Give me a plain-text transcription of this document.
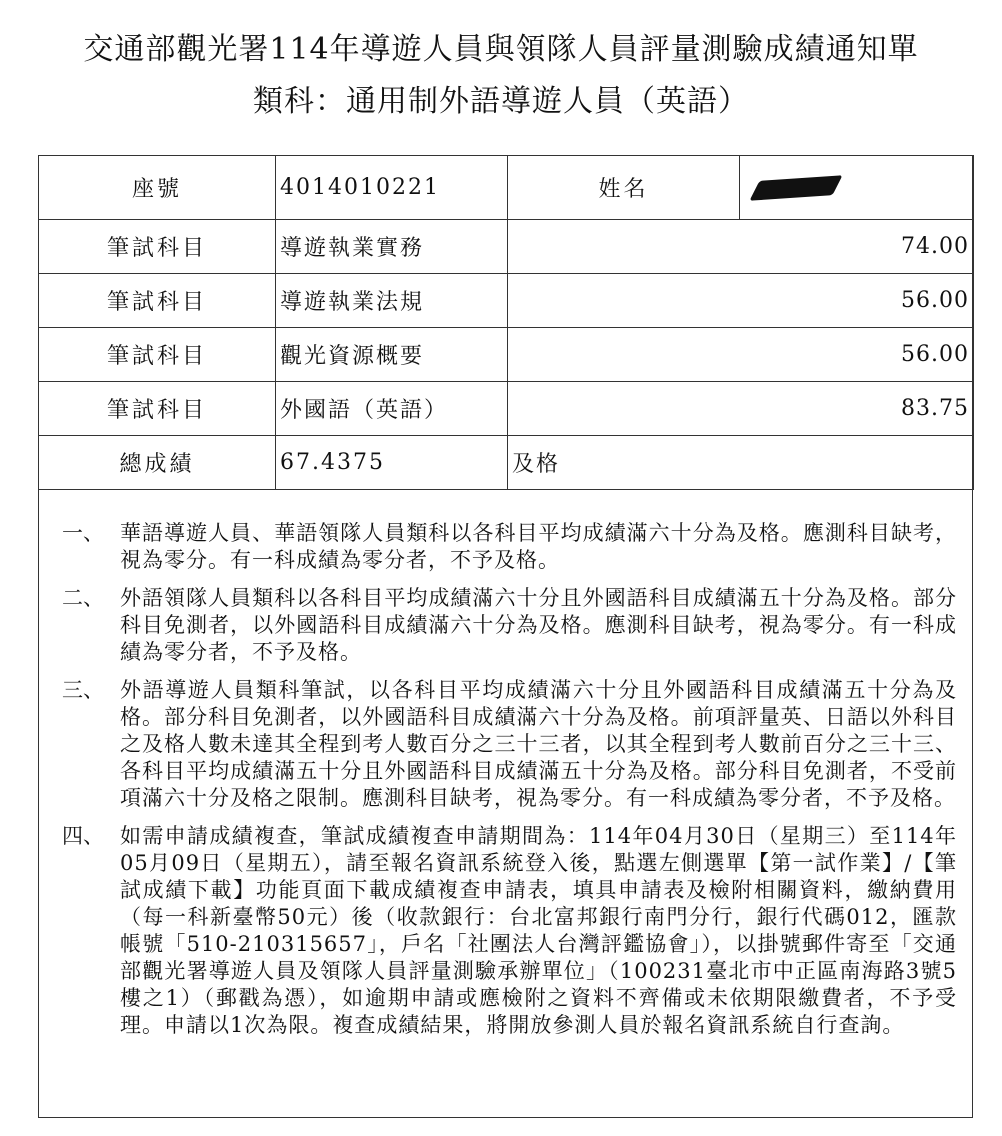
交通部觀光署114年導遊人員與領隊人員評量測驗成績通知單
類科：通用制外語導遊人員（英語）
座號	4014010221	姓名	
筆試科目	導遊執業實務	74.00	
筆試科目	導遊執業法規	56.00	
筆試科目	觀光資源概要	56.00	
筆試科目	外國語（英語）	83.75	
總成績	67.4375	及格	
一、 華語導遊人員、華語領隊人員類科以各科目平均成績滿六十分為及格。應測科目缺考，視為零分。有一科成績為零分者，不予及格。
二、 外語領隊人員類科以各科目平均成績滿六十分且外國語科目成績滿五十分為及格。部分科目免測者，以外國語科目成績滿六十分為及格。應測科目缺考，視為零分。有一科成績為零分者，不予及格。
三、 外語導遊人員類科筆試，以各科目平均成績滿六十分且外國語科目成績滿五十分為及格。部分科目免測者，以外國語科目成績滿六十分為及格。前項評量英、日語以外科目之及格人數未達其全程到考人數百分之三十三者，以其全程到考人數前百分之三十三、各科目平均成績滿五十分且外國語科目成績滿五十分為及格。部分科目免測者，不受前項滿六十分及格之限制。應測科目缺考，視為零分。有一科成績為零分者，不予及格。
四、 如需申請成績複查，筆試成績複查申請期間為：114年04月30日（星期三）至114年05月09日（星期五），請至報名資訊系統登入後，點選左側選單【第一試作業】/【筆試成績下載】功能頁面下載成績複查申請表，填具申請表及檢附相關資料，繳納費用（每一科新臺幣50元）後（收款銀行：台北富邦銀行南門分行，銀行代碼012，匯款帳號「510-210315657」，戶名「社團法人台灣評鑑協會」），以掛號郵件寄至「交通部觀光署導遊人員及領隊人員評量測驗承辦單位」（100231臺北市中正區南海路3號5樓之1）（郵戳為憑），如逾期申請或應檢附之資料不齊備或未依期限繳費者，不予受理。申請以1次為限。複查成績結果，將開放參測人員於報名資訊系統自行查詢。
